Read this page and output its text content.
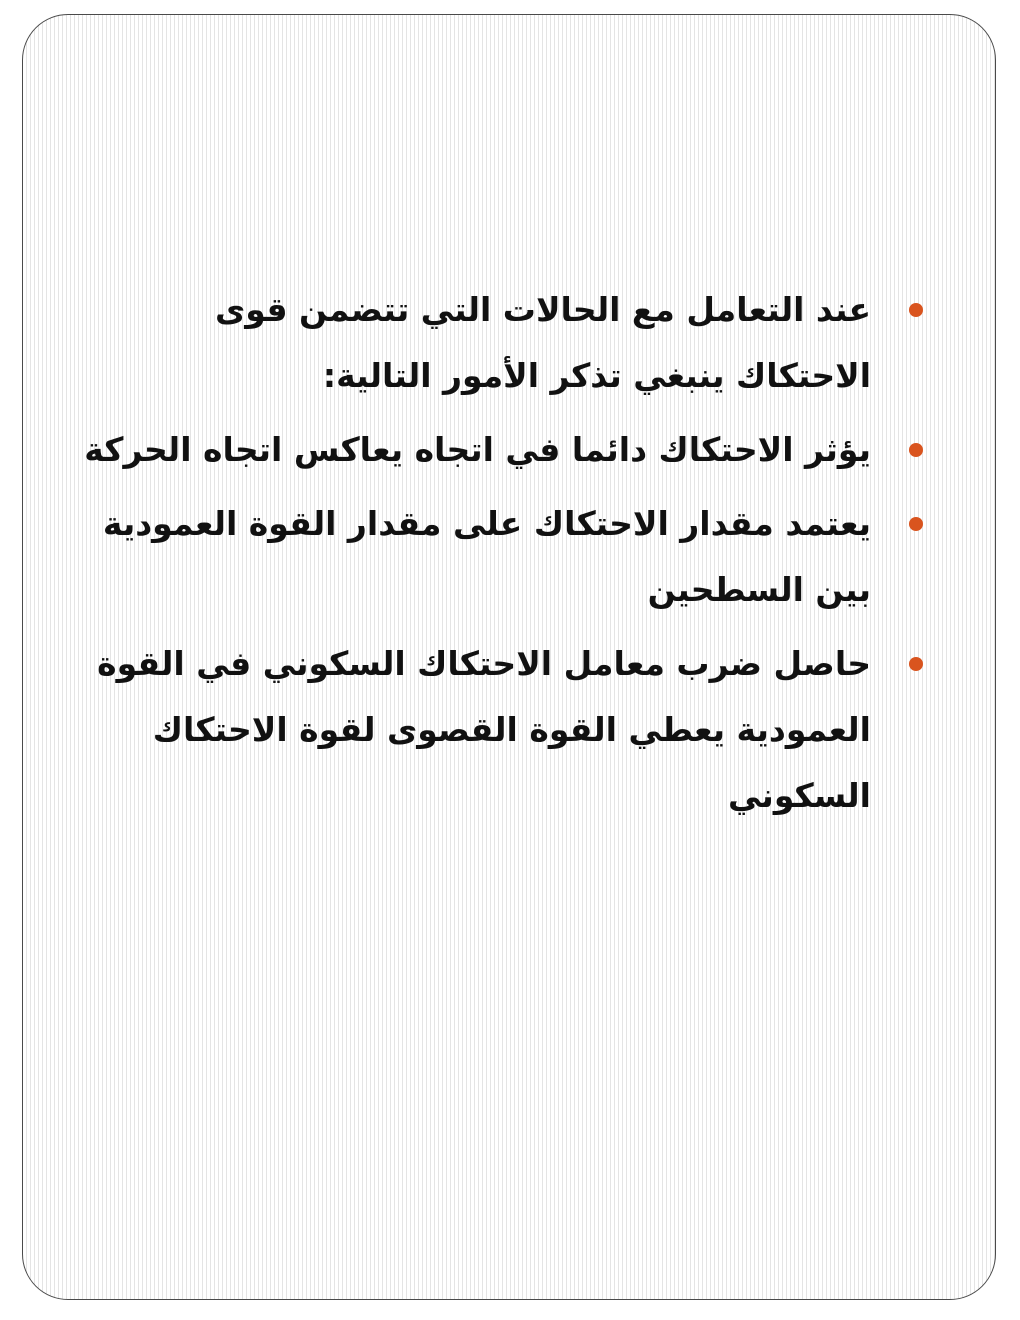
عند التعامل مع الحالات التي تتضمن قوى الاحتكاك ينبغي تذكر الأمور التالية:
يؤثر الاحتكاك دائما في اتجاه يعاكس اتجاه الحركة
يعتمد مقدار الاحتكاك على مقدار القوة العمودية بين السطحين
حاصل ضرب معامل الاحتكاك السكوني في القوة العمودية يعطي القوة القصوى لقوة الاحتكاك السكوني
